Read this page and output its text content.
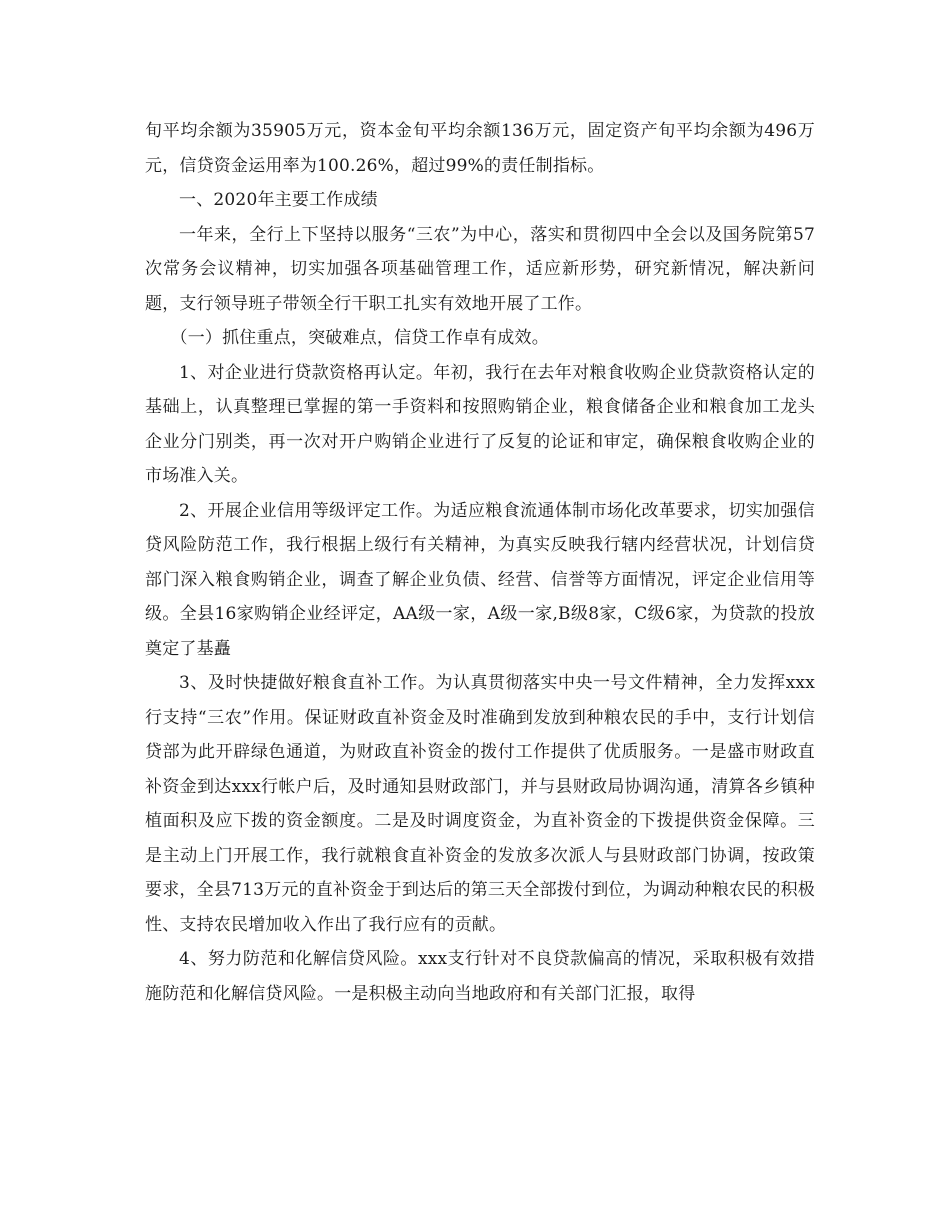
旬平均余额为35905万元，资本金旬平均余额136万元，固定资产旬平均余额为496万元，信贷资金运用率为100.26%，超过99%的责任制指标。

一、2020年主要工作成绩

一年来，全行上下坚持以服务“三农”为中心，落实和贯彻四中全会以及国务院第57次常务会议精神，切实加强各项基础管理工作，适应新形势，研究新情况，解决新问题，支行领导班子带领全行干职工扎实有效地开展了工作。

（一）抓住重点，突破难点，信贷工作卓有成效。

1、对企业进行贷款资格再认定。年初，我行在去年对粮食收购企业贷款资格认定的基础上，认真整理已掌握的第一手资料和按照购销企业，粮食储备企业和粮食加工龙头企业分门别类，再一次对开户购销企业进行了反复的论证和审定，确保粮食收购企业的市场准入关。

2、开展企业信用等级评定工作。为适应粮食流通体制市场化改革要求，切实加强信贷风险防范工作，我行根据上级行有关精神，为真实反映我行辖内经营状况，计划信贷部门深入粮食购销企业，调查了解企业负债、经营、信誉等方面情况，评定企业信用等级。全县16家购销企业经评定，AA级一家，A级一家,B级8家，C级6家，为贷款的投放奠定了基矗

3、及时快捷做好粮食直补工作。为认真贯彻落实中央一号文件精神，全力发挥xxx行支持“三农”作用。保证财政直补资金及时准确到发放到种粮农民的手中，支行计划信贷部为此开辟绿色通道，为财政直补资金的拨付工作提供了优质服务。一是盛市财政直补资金到达xxx行帐户后，及时通知县财政部门，并与县财政局协调沟通，清算各乡镇种植面积及应下拨的资金额度。二是及时调度资金，为直补资金的下拨提供资金保障。三是主动上门开展工作，我行就粮食直补资金的发放多次派人与县财政部门协调，按政策要求，全县713万元的直补资金于到达后的第三天全部拨付到位，为调动种粮农民的积极性、支持农民增加收入作出了我行应有的贡献。

4、努力防范和化解信贷风险。xxx支行针对不良贷款偏高的情况，采取积极有效措施防范和化解信贷风险。一是积极主动向当地政府和有关部门汇报，取得
